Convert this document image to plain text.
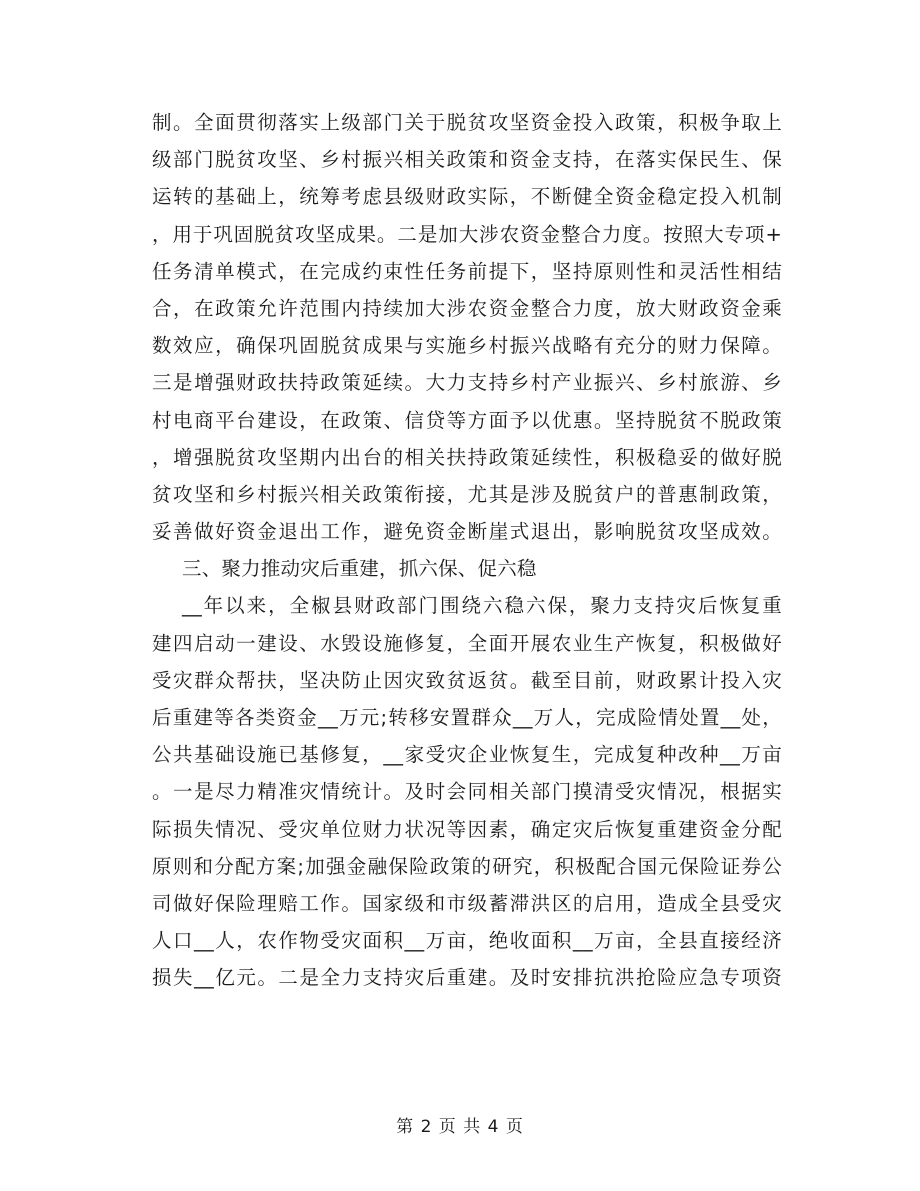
制。全面贯彻落实上级部门关于脱贫攻坚资金投入政策，积极争取上
级部门脱贫攻坚、乡村振兴相关政策和资金支持，在落实保民生、保
运转的基础上，统筹考虑县级财政实际，不断健全资金稳定投入机制
，用于巩固脱贫攻坚成果。二是加大涉农资金整合力度。按照大专项+
任务清单模式，在完成约束性任务前提下，坚持原则性和灵活性相结
合，在政策允许范围内持续加大涉农资金整合力度，放大财政资金乘
数效应，确保巩固脱贫成果与实施乡村振兴战略有充分的财力保障。
三是增强财政扶持政策延续。大力支持乡村产业振兴、乡村旅游、乡
村电商平台建设，在政策、信贷等方面予以优惠。坚持脱贫不脱政策
，增强脱贫攻坚期内出台的相关扶持政策延续性，积极稳妥的做好脱
贫攻坚和乡村振兴相关政策衔接，尤其是涉及脱贫户的普惠制政策，
妥善做好资金退出工作，避免资金断崖式退出，影响脱贫攻坚成效。
三、聚力推动灾后重建，抓六保、促六稳
__年以来，全椒县财政部门围绕六稳六保，聚力支持灾后恢复重
建四启动一建设、水毁设施修复，全面开展农业生产恢复，积极做好
受灾群众帮扶，坚决防止因灾致贫返贫。截至目前，财政累计投入灾
后重建等各类资金__万元;转移安置群众__万人，完成险情处置__处，
公共基础设施已基修复，__家受灾企业恢复生，完成复种改种__万亩
。一是尽力精准灾情统计。及时会同相关部门摸清受灾情况，根据实
际损失情况、受灾单位财力状况等因素，确定灾后恢复重建资金分配
原则和分配方案;加强金融保险政策的研究，积极配合国元保险证券公
司做好保险理赔工作。国家级和市级蓄滞洪区的启用，造成全县受灾
人口__人，农作物受灾面积__万亩，绝收面积__万亩，全县直接经济
损失__亿元。二是全力支持灾后重建。及时安排抗洪抢险应急专项资
第 2 页 共 4 页
